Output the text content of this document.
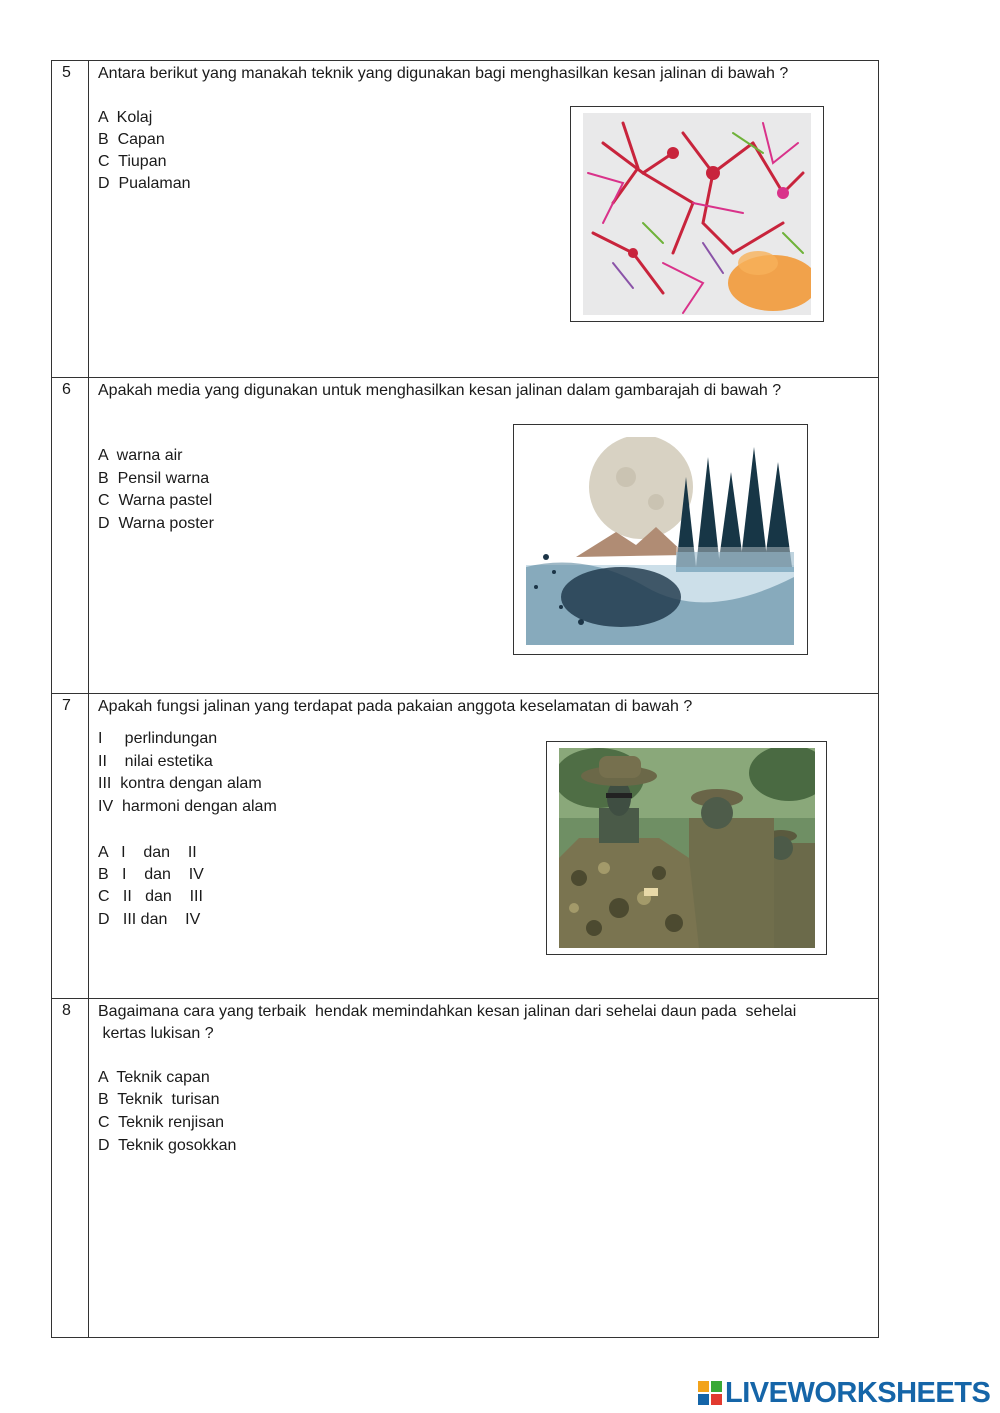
5 Antara berikut yang manakah teknik yang digunakan bagi menghasilkan kesan jalinan di bawah ?
A  Kolaj
B  Capan
C  Tiupan
D  Pualaman
6 Apakah media yang digunakan untuk menghasilkan kesan jalinan dalam gambarajah di bawah ?
A  warna air
B  Pensil warna
C  Warna pastel
D  Warna poster
7 Apakah fungsi jalinan yang terdapat pada pakaian anggota keselamatan di bawah ?
I     perlindungan
II    nilai estetika
III  kontra dengan alam
IV  harmoni dengan alam
A   I    dan    II
B   I    dan    IV
C   II   dan    III
D   III dan    IV
8 Bagaimana cara yang terbaik  hendak memindahkan kesan jalinan dari sehelai daun pada  sehelai
kertas lukisan ?
A  Teknik capan
B  Teknik  turisan
C  Teknik renjisan
D  Teknik gosokkan
LIVEWORKSHEETS
